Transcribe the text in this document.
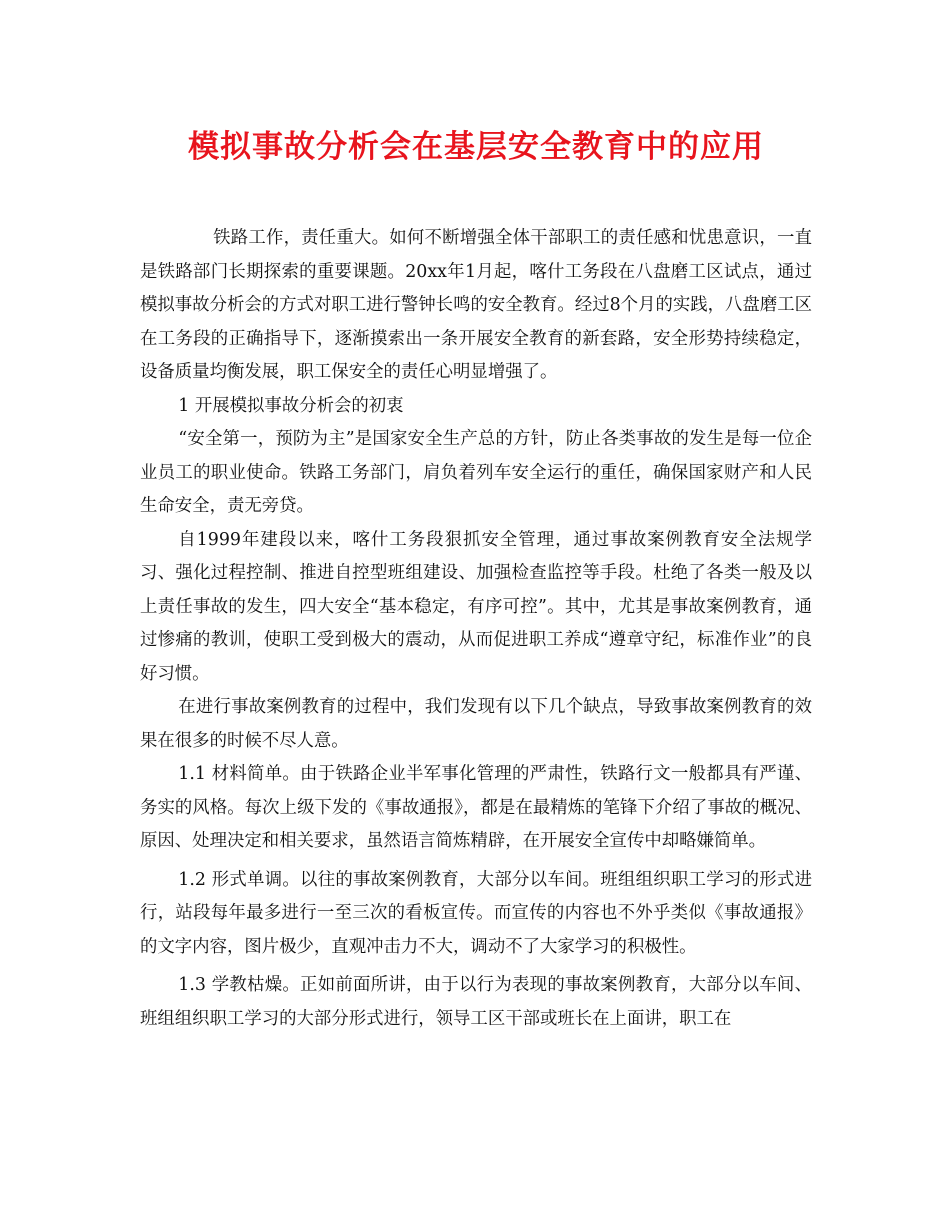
模拟事故分析会在基层安全教育中的应用

铁路工作，责任重大。如何不断增强全体干部职工的责任感和忧患意识，一直是铁路部门长期探索的重要课题。20xx年1月起，喀什工务段在八盘磨工区试点，通过模拟事故分析会的方式对职工进行警钟长鸣的安全教育。经过8个月的实践，八盘磨工区在工务段的正确指导下，逐渐摸索出一条开展安全教育的新套路，安全形势持续稳定，设备质量均衡发展，职工保安全的责任心明显增强了。

1 开展模拟事故分析会的初衷

“安全第一，预防为主”是国家安全生产总的方针，防止各类事故的发生是每一位企业员工的职业使命。铁路工务部门，肩负着列车安全运行的重任，确保国家财产和人民生命安全，责无旁贷。

自1999年建段以来，喀什工务段狠抓安全管理，通过事故案例教育安全法规学习、强化过程控制、推进自控型班组建设、加强检查监控等手段。杜绝了各类一般及以上责任事故的发生，四大安全“基本稳定，有序可控”。其中，尤其是事故案例教育，通过惨痛的教训，使职工受到极大的震动，从而促进职工养成“遵章守纪，标准作业”的良好习惯。

在进行事故案例教育的过程中，我们发现有以下几个缺点，导致事故案例教育的效果在很多的时候不尽人意。

1.1 材料简单。由于铁路企业半军事化管理的严肃性，铁路行文一般都具有严谨、务实的风格。每次上级下发的《事故通报》，都是在最精炼的笔锋下介绍了事故的概况、原因、处理决定和相关要求，虽然语言简炼精辟，在开展安全宣传中却略嫌简单。

1.2 形式单调。以往的事故案例教育，大部分以车间。班组组织职工学习的形式进行，站段每年最多进行一至三次的看板宣传。而宣传的内容也不外乎类似《事故通报》的文字内容，图片极少，直观冲击力不大，调动不了大家学习的积极性。

1.3 学教枯燥。正如前面所讲，由于以行为表现的事故案例教育，大部分以车间、班组组织职工学习的大部分形式进行，领导工区干部或班长在上面讲，职工在
